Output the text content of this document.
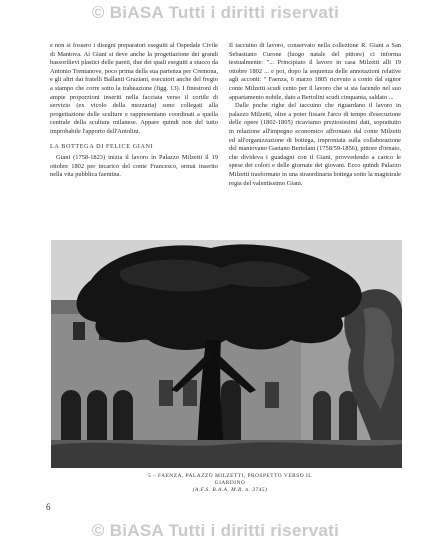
© BiASA Tutti i diritti riservati

e non si fossero i disegni preparatori eseguiti al Ospedale Civile di Mantova. Ai Giani si deve anche la progettazione dei grandi bassorilievi plastici delle pareti, due dei quali eseguiti a stucco da Antonio Trentanove, poco prima della sua partenza per Cremona, e gli altri dai fratelli Ballanti Graziani, esecutori anche del fregio a stampo che corre sotto la trabeazione (figg. 13). I finestroni di ampie proporzioni inseriti nella facciata verso il cortile di servizio (ex vicolo della mezzaria) sono collegati alla progettazione delle sculture e rappresentano coordinati a quella centrale della scultura milanese. Appare quindi non del tutto improbabile l'apporto dell'Antolini.

LA BOTTEGA DI FELICE GIANI

Giani (1758-1823) inizia il lavoro in Palazzo Milzetti il 19 ottobre 1802 per incarico del conte Francesco, ormai inserito nella vita pubblica faentina.

Il taccuino di lavoro, conservato nella collezione R. Giani a San Sebastiano Curone (luogo natale del pittore) ci informa testualmente: "... Principiato il lavoro in casa Milzetti alli 19 ottobre 1802 ... e poi, dopo la sequenza delle annotazioni relative agli acconti: " Faenza, 6 marzo 1805 ricevuto a conto dal signor conte Milzetti scudi cento per il lavoro che si sta facendo nel suo appartamento nobile, dato a Bertolini scudi cinquanta, saldato ...

Dalle poche righe del taccuino che riguardano il lavoro in palazzo Milzetti, oltre a poter fissare l'arco di tempo d'esecuzione delle opere (1802-1805) ricaviamo preziosissimi dati, soprattutto in relazione all'impegno economico affrontato dal conte Milzetti ed all'organizzazione di bottega, improntata sulla collaborazione del mantovano Gaetano Bertolani (1758/59-1856), pittore d'ornato, che divideva i guadagni con il Giani, provvedendo a carico le spese dei colori e delle giornate dei giovani. Ecco quindi Palazzo Milzetti trasformato in una straordinaria bottega sotto la magistrale regia del valentissimo Giani.

5 – FAENZA, PALAZZO MILZETTI, PROSPETTO VERSO IL GIARDINO
(A.F.S. B.A.A. M.R. n. 3745)
6
© BiASA Tutti i diritti riservati
